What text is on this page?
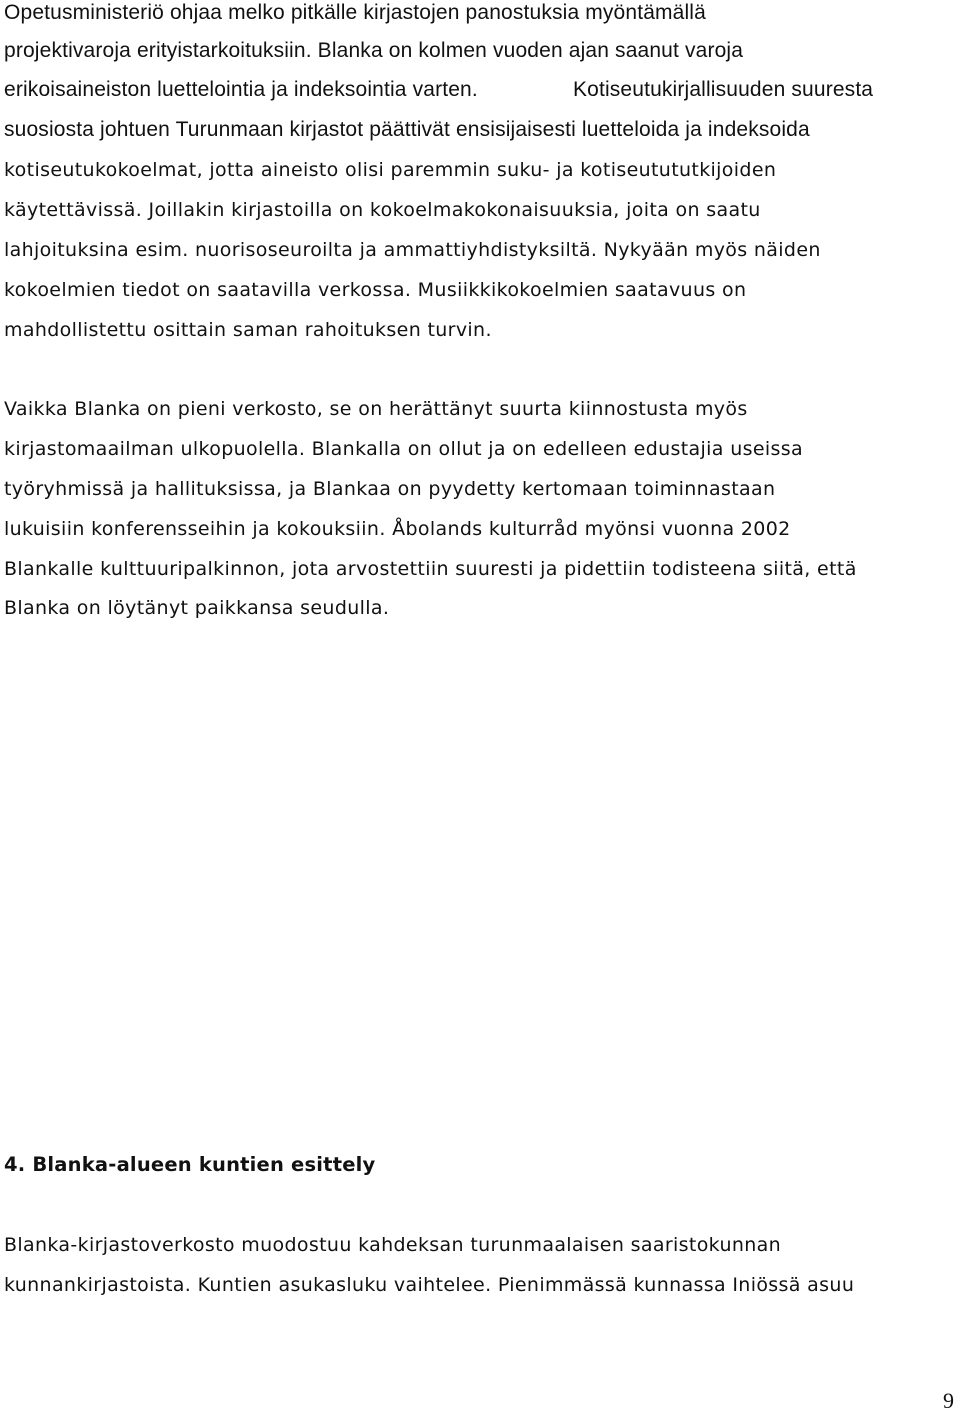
Opetusministeriö ohjaa melko pitkälle kirjastojen panostuksia myöntämällä
projektivaroja erityistarkoituksiin. Blanka on kolmen vuoden ajan saanut varoja
erikoisaineiston luettelointia ja indeksointia varten.	Kotiseutukirjallisuuden suuresta
suosiosta johtuen Turunmaan kirjastot päättivät ensisijaisesti luetteloida ja indeksoida
kotiseutukokoelmat, jotta aineisto olisi paremmin suku- ja kotiseutututkijoiden
käytettävissä. Joillakin kirjastoilla on kokoelmakokonaisuuksia, joita on saatu
lahjoituksina esim. nuorisoseuroilta ja ammattiyhdistyksiltä. Nykyään myös näiden
kokoelmien tiedot on saatavilla verkossa. Musiikkikokoelmien saatavuus on
mahdollistettu osittain saman rahoituksen turvin.
Vaikka Blanka on pieni verkosto, se on herättänyt suurta kiinnostusta myös
kirjastomaailman ulkopuolella. Blankalla on ollut ja on edelleen edustajia useissa
työryhmissä ja hallituksissa, ja Blankaa on pyydetty kertomaan toiminnastaan
lukuisiin konferensseihin ja kokouksiin. Åbolands kulturråd myönsi vuonna 2002
Blankalle kulttuuripalkinnon, jota arvostettiin suuresti ja pidettiin todisteena siitä, että
Blanka on löytänyt paikkansa seudulla.
4. Blanka-alueen kuntien esittely
Blanka-kirjastoverkosto muodostuu kahdeksan turunmaalaisen saaristokunnan
kunnankirjastoista. Kuntien asukasluku vaihtelee. Pienimmässä kunnassa Iniössä asuu
9
